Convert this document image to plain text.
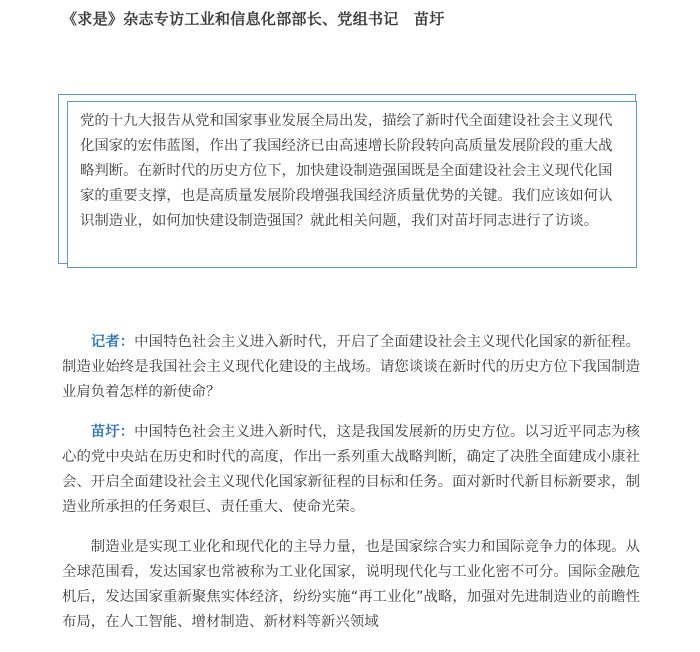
《求是》杂志专访工业和信息化部部长、党组书记　苗圩

党的十九大报告从党和国家事业发展全局出发，描绘了新时代全面建设社会主义现代化国家的宏伟蓝图，作出了我国经济已由高速增长阶段转向高质量发展阶段的重大战略判断。在新时代的历史方位下，加快建设制造强国既是全面建设社会主义现代化国家的重要支撑，也是高质量发展阶段增强我国经济质量优势的关键。我们应该如何认识制造业，如何加快建设制造强国？就此相关问题，我们对苗圩同志进行了访谈。

记者：中国特色社会主义进入新时代，开启了全面建设社会主义现代化国家的新征程。制造业始终是我国社会主义现代化建设的主战场。请您谈谈在新时代的历史方位下我国制造业肩负着怎样的新使命？

苗圩：中国特色社会主义进入新时代，这是我国发展新的历史方位。以习近平同志为核心的党中央站在历史和时代的高度，作出一系列重大战略判断，确定了决胜全面建成小康社会、开启全面建设社会主义现代化国家新征程的目标和任务。面对新时代新目标新要求，制造业所承担的任务艰巨、责任重大、使命光荣。

制造业是实现工业化和现代化的主导力量，也是国家综合实力和国际竞争力的体现。从全球范围看，发达国家也常被称为工业化国家，说明现代化与工业化密不可分。国际金融危机后，发达国家重新聚焦实体经济，纷纷实施“再工业化”战略，加强对先进制造业的前瞻性布局，在人工智能、增材制造、新材料等新兴领域
